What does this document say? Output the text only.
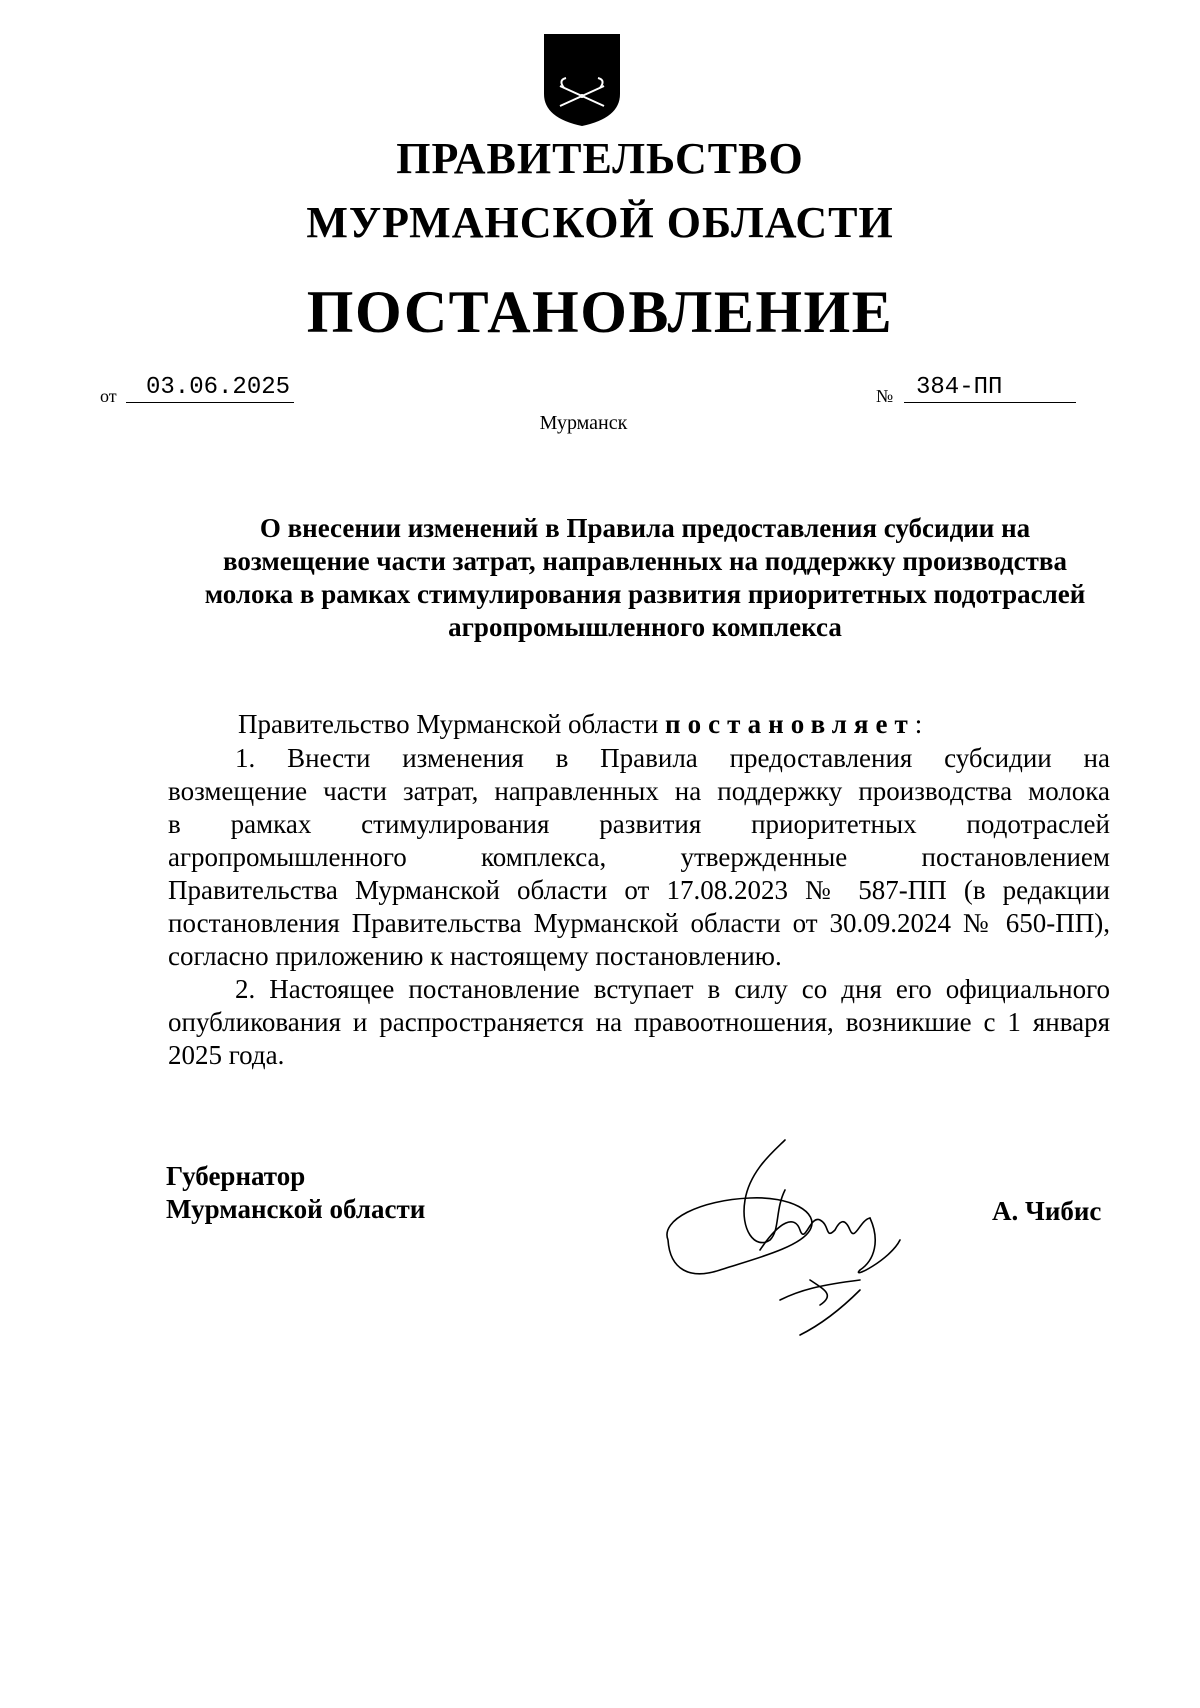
ПРАВИТЕЛЬСТВО
МУРМАНСКОЙ ОБЛАСТИ
ПОСТАНОВЛЕНИЕ
от 03.06.2025	№ 384-ПП
Мурманск
О внесении изменений в Правила предоставления субсидии на
возмещение части затрат, направленных на поддержку производства
молока в рамках стимулирования развития приоритетных подотраслей
агропромышленного комплекса
Правительство Мурманской области постановляет:
1. Внести изменения в Правила предоставления субсидии на
возмещение части затрат, направленных на поддержку производства молока
в рамках стимулирования развития приоритетных подотраслей
агропромышленного комплекса, утвержденные постановлением
Правительства Мурманской области от 17.08.2023 № 587-ПП (в редакции
постановления Правительства Мурманской области от 30.09.2024 № 650-ПП),
согласно приложению к настоящему постановлению.
2. Настоящее постановление вступает в силу со дня его официального
опубликования и распространяется на правоотношения, возникшие с 1 января
2025 года.
Губернатор
Мурманской области	А. Чибис
